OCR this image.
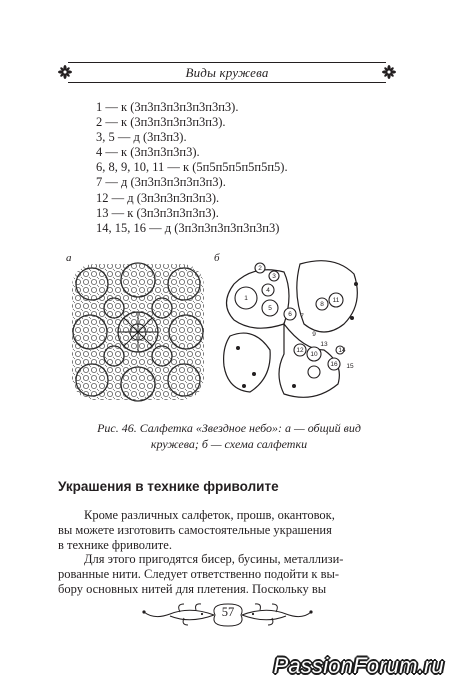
Виды кружева
1 — к (3п3п3п3п3п3п3п3).
2 — к (3п3п3п3п3п3п3).
3, 5 — д (3п3п3).
4 — к (3п3п3п3п3).
6, 8, 9, 10, 11 — к (5п5п5п5п5п5п5).
7 — д (3п3п3п3п3п3п3).
12 — д (3п3п3п3п3п3).
13 — к (3п3п3п3п3п3).
14, 15, 16 — д (3п3п3п3п3п3п3п3)
а	б
1
2
3
4
5
6 7
8
9
10
11
12
13
14
15
16
Рис. 46. Салфетка «Звездное небо»: а — общий вид
кружева; б — схема салфетки
Украшения в технике фриволите
Кроме различных салфеток, прошв, окантовок,
вы можете изготовить самостоятельные украшения
в технике фриволите.
Для этого пригодятся бисер, бусины, металлизи-
рованные нити. Следует ответственно подойти к вы-
бору основных нитей для плетения. Поскольку вы
57
PassionForum.ru
